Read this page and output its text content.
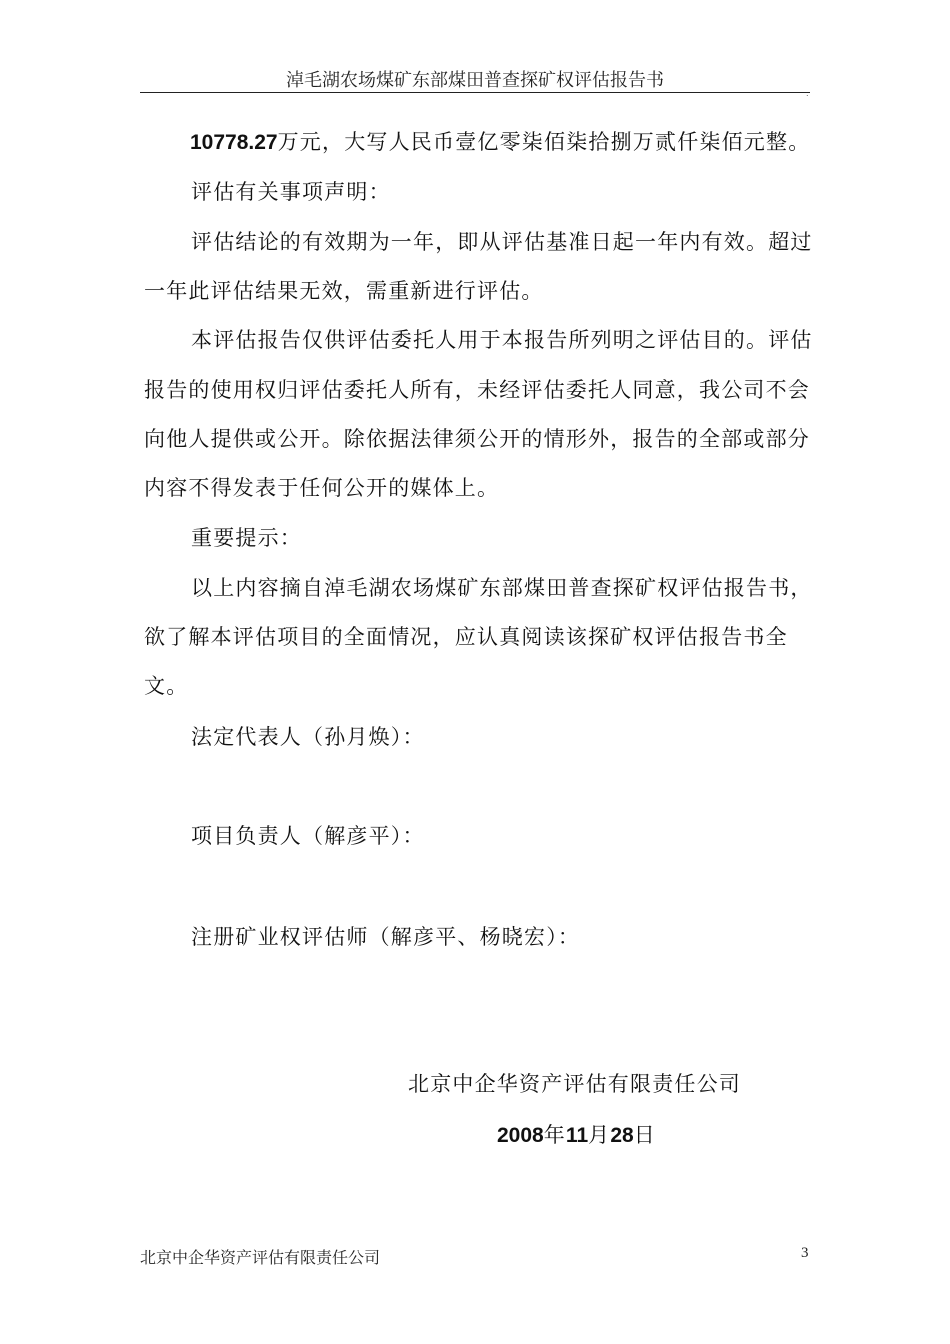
淖毛湖农场煤矿东部煤田普查探矿权评估报告书
.
10778.27万元，大写人民币壹亿零柒佰柒拾捌万贰仟柒佰元整。
评估有关事项声明：
评估结论的有效期为一年，即从评估基准日起一年内有效。超过
一年此评估结果无效，需重新进行评估。
本评估报告仅供评估委托人用于本报告所列明之评估目的。评估
报告的使用权归评估委托人所有，未经评估委托人同意，我公司不会
向他人提供或公开。除依据法律须公开的情形外，报告的全部或部分
内容不得发表于任何公开的媒体上。
重要提示：
以上内容摘自淖毛湖农场煤矿东部煤田普查探矿权评估报告书，
欲了解本评估项目的全面情况，应认真阅读该探矿权评估报告书全
文。
法定代表人（孙月焕）：
项目负责人（解彦平）：
注册矿业权评估师（解彦平、杨晓宏）：
北京中企华资产评估有限责任公司
2008年11月28日
北京中企华资产评估有限责任公司	3
